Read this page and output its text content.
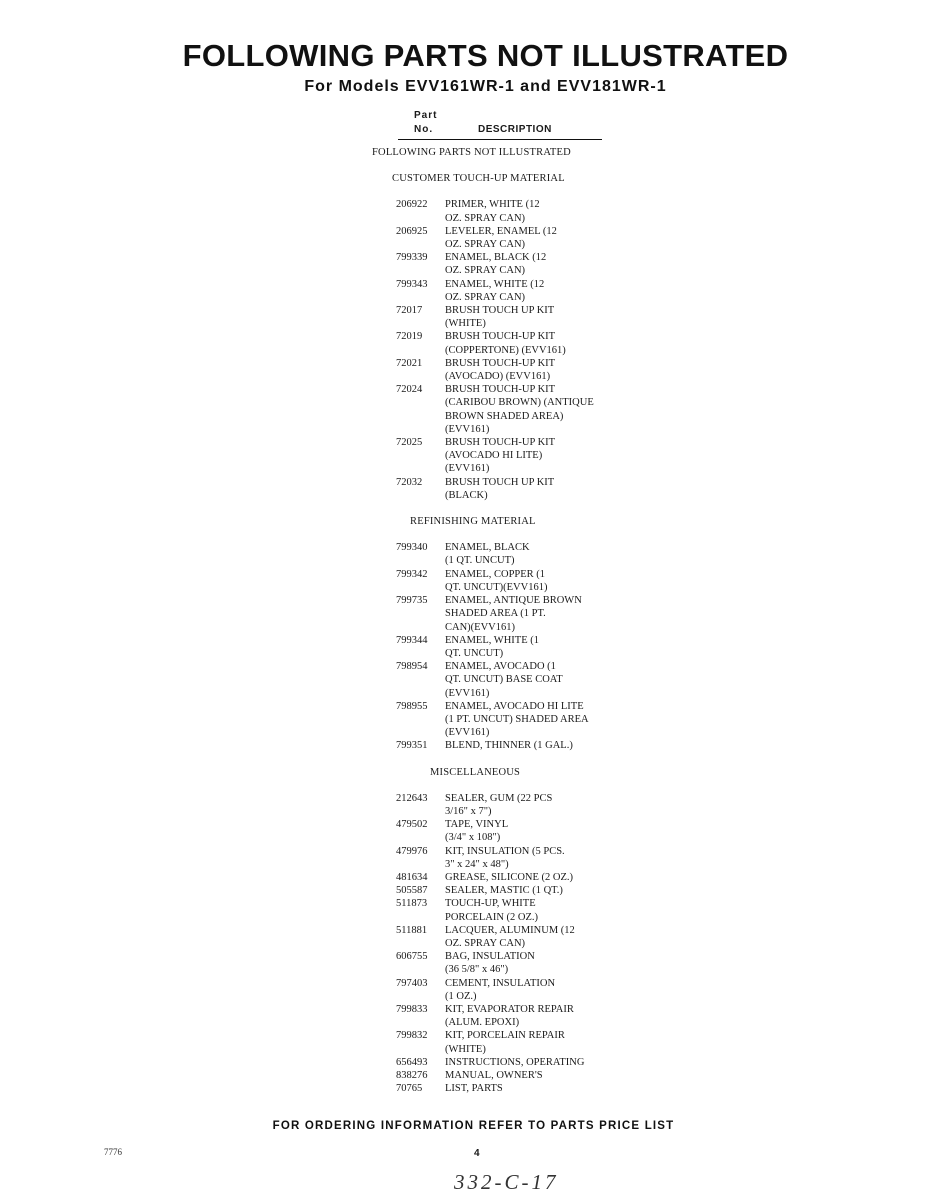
FOLLOWING PARTS NOT ILLUSTRATED
For Models EVV161WR-1 and EVV181WR-1
Part
No.	DESCRIPTION
FOLLOWING PARTS NOT ILLUSTRATED
CUSTOMER TOUCH-UP MATERIAL
206922	PRIMER, WHITE (12
OZ. SPRAY CAN)
206925	LEVELER, ENAMEL (12
OZ. SPRAY CAN)
799339	ENAMEL, BLACK (12
OZ. SPRAY CAN)
799343	ENAMEL, WHITE (12
OZ. SPRAY CAN)
72017	BRUSH TOUCH UP KIT
(WHITE)
72019	BRUSH TOUCH-UP KIT
(COPPERTONE) (EVV161)
72021	BRUSH TOUCH-UP KIT
(AVOCADO) (EVV161)
72024	BRUSH TOUCH-UP KIT
(CARIBOU BROWN) (ANTIQUE
BROWN SHADED AREA)
(EVV161)
72025	BRUSH TOUCH-UP KIT
(AVOCADO HI LITE)
(EVV161)
72032	BRUSH TOUCH UP KIT
(BLACK)
REFINISHING MATERIAL
799340	ENAMEL, BLACK
(1 QT. UNCUT)
799342	ENAMEL, COPPER (1
QT. UNCUT)(EVV161)
799735	ENAMEL, ANTIQUE BROWN
SHADED AREA (1 PT.
CAN)(EVV161)
799344	ENAMEL, WHITE (1
QT. UNCUT)
798954	ENAMEL, AVOCADO (1
QT. UNCUT) BASE COAT
(EVV161)
798955	ENAMEL, AVOCADO HI LITE
(1 PT. UNCUT) SHADED AREA
(EVV161)
799351	BLEND, THINNER (1 GAL.)
MISCELLANEOUS
212643	SEALER, GUM (22 PCS
3/16" x 7")
479502	TAPE, VINYL
(3/4" x 108")
479976	KIT, INSULATION (5 PCS.
3" x 24" x 48")
481634	GREASE, SILICONE (2 OZ.)
505587	SEALER, MASTIC (1 QT.)
511873	TOUCH-UP, WHITE
PORCELAIN (2 OZ.)
511881	LACQUER, ALUMINUM (12
OZ. SPRAY CAN)
606755	BAG, INSULATION
(36 5/8" x 46")
797403	CEMENT, INSULATION
(1 OZ.)
799833	KIT, EVAPORATOR REPAIR
(ALUM. EPOXI)
799832	KIT, PORCELAIN REPAIR
(WHITE)
656493	INSTRUCTIONS, OPERATING
838276	MANUAL, OWNER'S
70765	LIST, PARTS
FOR ORDERING INFORMATION REFER TO PARTS PRICE LIST
7776	4
332-C-17
